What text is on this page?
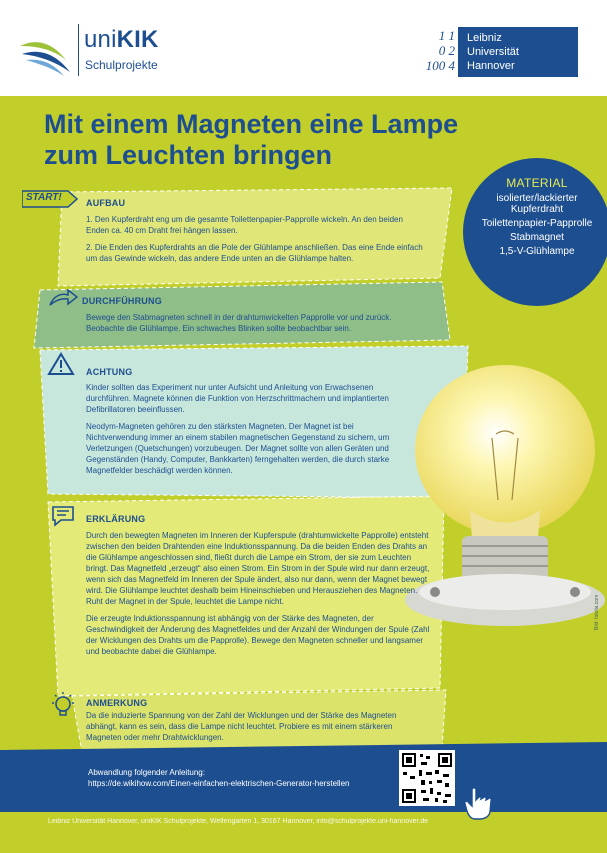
uniKIK
Schulprojekte
1 1
0 2
100 4
Leibniz
Universität
Hannover
Mit einem Magneten eine Lampe
zum Leuchten bringen
MATERIAL
isolierter/lackierter Kupferdraht
Toilettenpapier-Papprolle
Stabmagnet
1,5-V-Glühlampe
START!	AUFBAU

1. Den Kupferdraht eng um die gesamte Toilettenpapier-Papprolle wickeln. An den beiden Enden ca. 40 cm Draht frei hängen lassen.

2. Die Enden des Kupferdrahts an die Pole der Glühlampe anschließen. Das eine Ende einfach um das Gewinde wickeln, das andere Ende unten an die Glühlampe halten.

DURCHFÜHRUNG

Bewege den Stabmagneten schnell in der drahtumwickelten Papprolle vor und zurück. Beobachte die Glühlampe. Ein schwaches Blinken sollte beobachtbar sein.

ACHTUNG

Kinder sollten das Experiment nur unter Aufsicht und Anleitung von Erwachsenen durchführen. Magnete können die Funktion von Herzschrittmachern und implantierten Defibrillatoren beeinflussen.

Neodym-Magneten gehören zu den stärksten Magneten. Der Magnet ist bei Nichtverwendung immer an einem stabilen magnetischen Gegenstand zu sichern, um Verletzungen (Quetschungen) vorzubeugen. Der Magnet sollte von allen Geräten und Gegenständen (Handy, Computer, Bankkarten) ferngehalten werden, die durch starke Magnetfelder beschädigt werden können.

Bild: fotolia.com
ERKLÄRUNG

Durch den bewegten Magneten im Inneren der Kupferspule (drahtumwickelte Papprolle) entsteht zwischen den beiden Drahtenden eine Induktionsspannung. Da die beiden Enden des Drahts an die Glühlampe angeschlossen sind, fließt durch die Lampe ein Strom, der sie zum Leuchten bringt. Das Magnetfeld „erzeugt“ also einen Strom. Ein Strom in der Spule wird nur dann erzeugt, wenn sich das Magnetfeld im Inneren der Spule ändert, also nur dann, wenn der Magnet bewegt wird. Die Glühlampe leuchtet deshalb beim Hineinschieben und Herausziehen des Magneten. Ruht der Magnet in der Spule, leuchtet die Lampe nicht.

Die erzeugte Induktionsspannung ist abhängig von der Stärke des Magneten, der Geschwindigkeit der Änderung des Magnetfeldes und der Anzahl der Windungen der Spule (Zahl der Wicklungen des Drahts um die Papprolle). Bewege den Magneten schneller und langsamer und beobachte dabei die Glühlampe.

ANMERKUNG

Da die induzierte Spannung von der Zahl der Wicklungen und der Stärke des Magneten abhängt, kann es sein, dass die Lampe nicht leuchtet. Probiere es mit einem stärkeren Magneten oder mehr Drahtwicklungen.

Abwandlung folgender Anleitung:
https://de.wikihow.com/Einen-einfachen-elektrischen-Generator-herstellen
Leibniz Universität Hannover, uniKIK Schulprojekte, Welfengarten 1, 30167 Hannover, info@schulprojekte.uni-hannover.de
